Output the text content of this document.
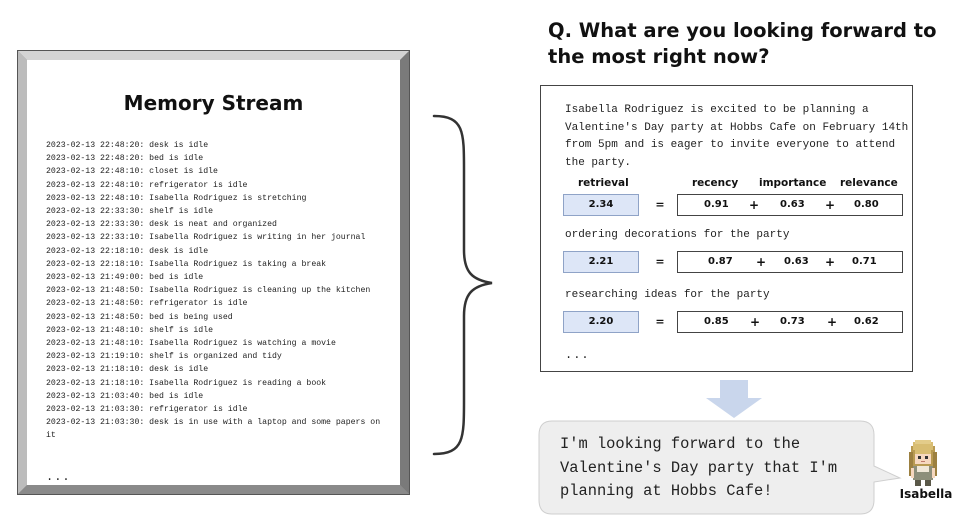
Memory Stream
2023-02-13 22:48:20: desk is idle
2023-02-13 22:48:20: bed is idle
2023-02-13 22:48:10: closet is idle
2023-02-13 22:48:10: refrigerator is idle
2023-02-13 22:48:10: Isabella Rodriguez is stretching
2023-02-13 22:33:30: shelf is idle
2023-02-13 22:33:30: desk is neat and organized
2023-02-13 22:33:10: Isabella Rodriguez is writing in her journal
2023-02-13 22:18:10: desk is idle
2023-02-13 22:18:10: Isabella Rodriguez is taking a break
2023-02-13 21:49:00: bed is idle
2023-02-13 21:48:50: Isabella Rodriguez is cleaning up the kitchen
2023-02-13 21:48:50: refrigerator is idle
2023-02-13 21:48:50: bed is being used
2023-02-13 21:48:10: shelf is idle
2023-02-13 21:48:10: Isabella Rodriguez is watching a movie
2023-02-13 21:19:10: shelf is organized and tidy
2023-02-13 21:18:10: desk is idle
2023-02-13 21:18:10: Isabella Rodriguez is reading a book
2023-02-13 21:03:40: bed is idle
2023-02-13 21:03:30: refrigerator is idle
2023-02-13 21:03:30: desk is in use with a laptop and some papers on it
...
Q. What are you looking forward to the most right now?
Isabella Rodriguez is excited to be planning a Valentine's Day party at Hobbs Cafe on February 14th from 5pm and is eager to invite everyone to attend the party.
retrieval	recency importance relevance
2.34	=	0.91 + 0.63 + 0.80
ordering decorations for the party
2.21	=	0.87 + 0.63 + 0.71
researching ideas for the party
2.20	=	0.85 + 0.73 + 0.62
...
I'm looking forward to the Valentine's Day party that I'm planning at Hobbs Cafe!	Isabella
